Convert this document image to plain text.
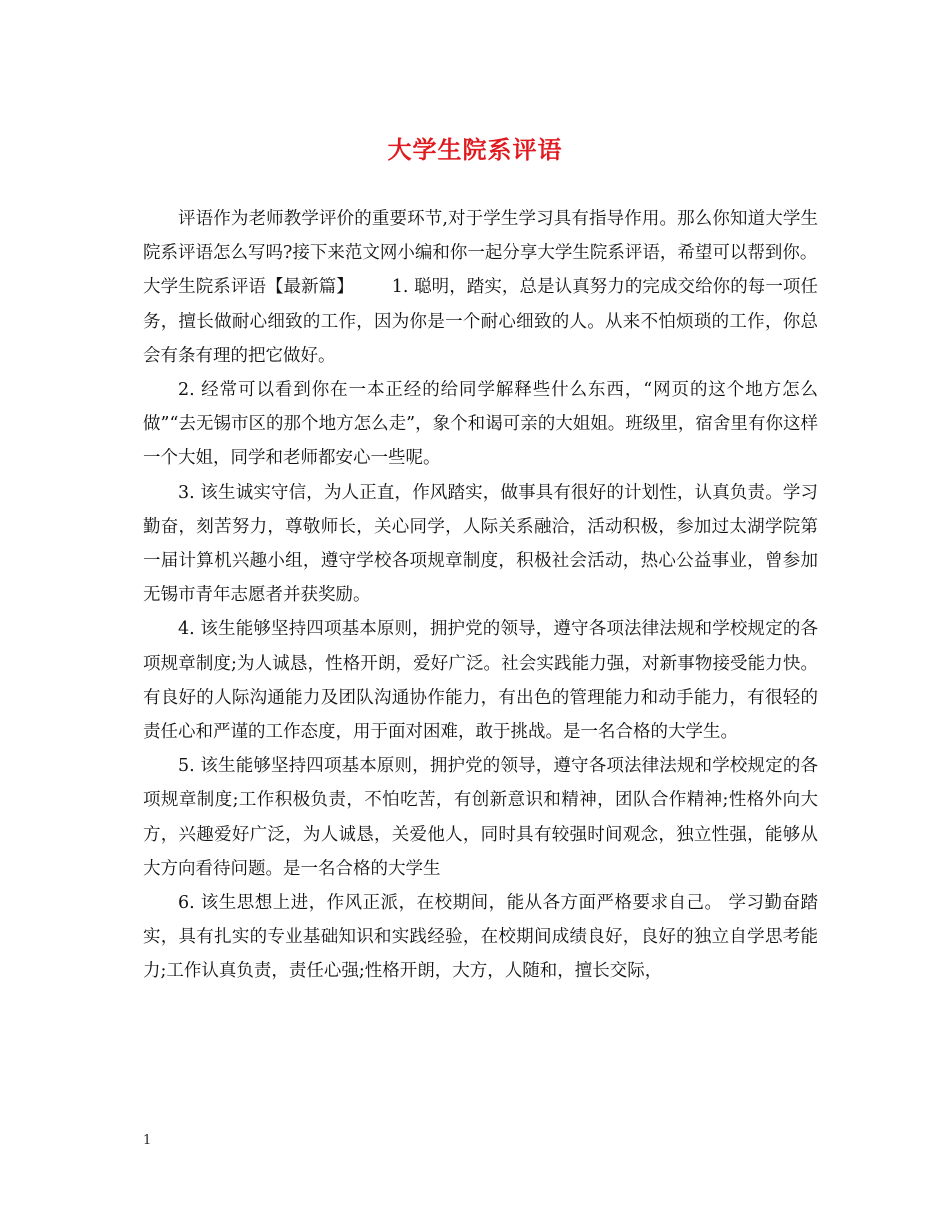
大学生院系评语

评语作为老师教学评价的重要环节,对于学生学习具有指导作用。那么你知道大学生院系评语怎么写吗?接下来范文网小编和你一起分享大学生院系评语，希望可以帮到你。

大学生院系评语【最新篇】 1. 聪明，踏实，总是认真努力的完成交给你的每一项任务，擅长做耐心细致的工作，因为你是一个耐心细致的人。从来不怕烦琐的工作，你总会有条有理的把它做好。

2. 经常可以看到你在一本正经的给同学解释些什么东西，“网页的这个地方怎么做”“去无锡市区的那个地方怎么走”，象个和谒可亲的大姐姐。班级里，宿舍里有你这样一个大姐，同学和老师都安心一些呢。

3. 该生诚实守信，为人正直，作风踏实，做事具有很好的计划性，认真负责。学习勤奋，刻苦努力，尊敬师长，关心同学，人际关系融洽，活动积极，参加过太湖学院第一届计算机兴趣小组，遵守学校各项规章制度，积极社会活动，热心公益事业，曾参加无锡市青年志愿者并获奖励。

4. 该生能够坚持四项基本原则，拥护党的领导，遵守各项法律法规和学校规定的各项规章制度;为人诚恳，性格开朗，爱好广泛。社会实践能力强，对新事物接受能力快。有良好的人际沟通能力及团队沟通协作能力，有出色的管理能力和动手能力，有很轻的责任心和严谨的工作态度，用于面对困难，敢于挑战。是一名合格的大学生。

5. 该生能够坚持四项基本原则，拥护党的领导，遵守各项法律法规和学校规定的各项规章制度;工作积极负责，不怕吃苦，有创新意识和精神，团队合作精神;性格外向大方，兴趣爱好广泛，为人诚恳，关爱他人，同时具有较强时间观念，独立性强，能够从大方向看待问题。是一名合格的大学生

6. 该生思想上进，作风正派，在校期间，能从各方面严格要求自己。 学习勤奋踏实，具有扎实的专业基础知识和实践经验，在校期间成绩良好，良好的独立自学思考能力;工作认真负责，责任心强;性格开朗，大方，人随和，擅长交际，

1
